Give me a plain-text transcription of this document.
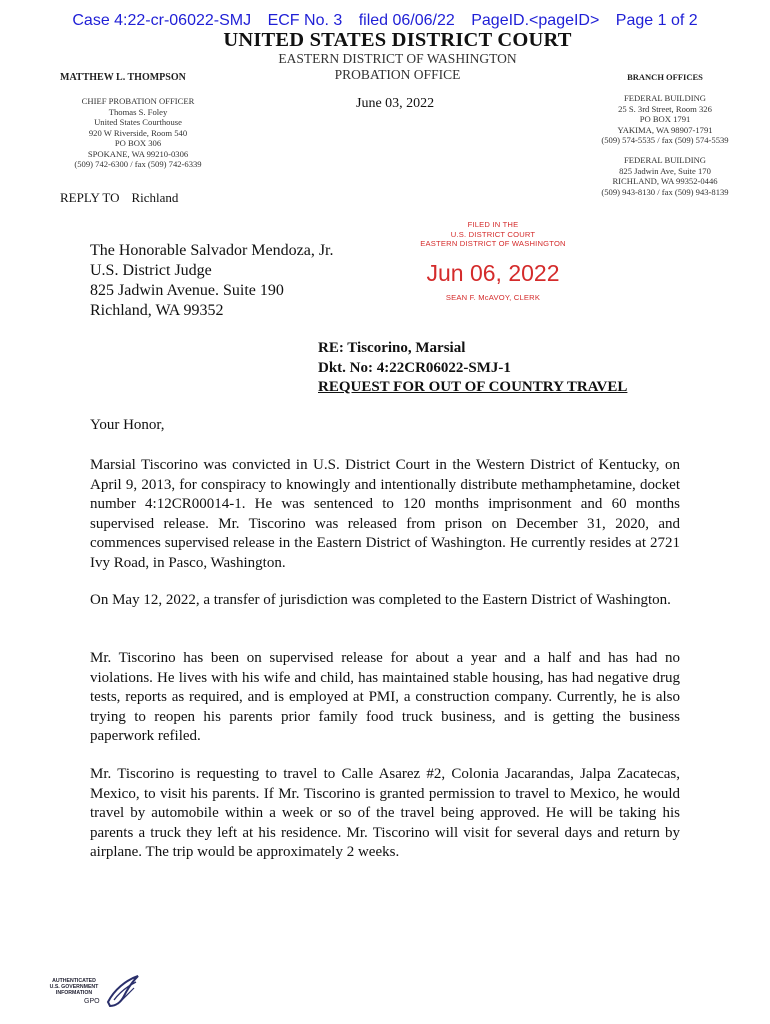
Case 4:22-cr-06022-SMJ ECF No. 3 filed 06/06/22 PageID.<pageID> Page 1 of 2
UNITED STATES DISTRICT COURT
EASTERN DISTRICT OF WASHINGTON
PROBATION OFFICE
MATTHEW L. THOMPSON
CHIEF PROBATION OFFICER
Thomas S. Foley
United States Courthouse
920 W Riverside, Room 540
PO BOX 306
SPOKANE, WA 99210-0306
(509) 742-6300 / fax (509) 742-6339
BRANCH OFFICES
FEDERAL BUILDING
25 S. 3rd Street, Room 326
PO BOX 1791
YAKIMA, WA 98907-1791
(509) 574-5535 / fax (509) 574-5539
FEDERAL BUILDING
825 Jadwin Ave, Suite 170
RICHLAND, WA 99352-0446
(509) 943-8130 / fax (509) 943-8139
June 03, 2022
REPLY TO Richland
FILED IN THE
U.S. DISTRICT COURT
EASTERN DISTRICT OF WASHINGTON
Jun 06, 2022
SEAN F. McAVOY, CLERK
The Honorable Salvador Mendoza, Jr.
U.S. District Judge
825 Jadwin Avenue. Suite 190
Richland, WA 99352
RE: Tiscorino, Marsial
Dkt. No: 4:22CR06022-SMJ-1
REQUEST FOR OUT OF COUNTRY TRAVEL
Your Honor,

Marsial Tiscorino was convicted in U.S. District Court in the Western District of Kentucky, on April 9, 2013, for conspiracy to knowingly and intentionally distribute methamphetamine, docket number 4:12CR00014-1. He was sentenced to 120 months imprisonment and 60 months supervised release. Mr. Tiscorino was released from prison on December 31, 2020, and commences supervised release in the Eastern District of Washington. He currently resides at 2721 Ivy Road, in Pasco, Washington.

On May 12, 2022, a transfer of jurisdiction was completed to the Eastern District of Washington.

Mr. Tiscorino has been on supervised release for about a year and a half and has had no violations. He lives with his wife and child, has maintained stable housing, has had negative drug tests, reports as required, and is employed at PMI, a construction company. Currently, he is also trying to reopen his parents prior family food truck business, and is getting the business paperwork refiled.

Mr. Tiscorino is requesting to travel to Calle Asarez #2, Colonia Jacarandas, Jalpa Zacatecas, Mexico, to visit his parents. If Mr. Tiscorino is granted permission to travel to Mexico, he would travel by automobile within a week or so of the travel being approved. He will be taking his parents a truck they left at his residence. Mr. Tiscorino will visit for several days and return by airplane. The trip would be approximately 2 weeks.

AUTHENTICATED
U.S. GOVERNMENT
INFORMATION
GPO
